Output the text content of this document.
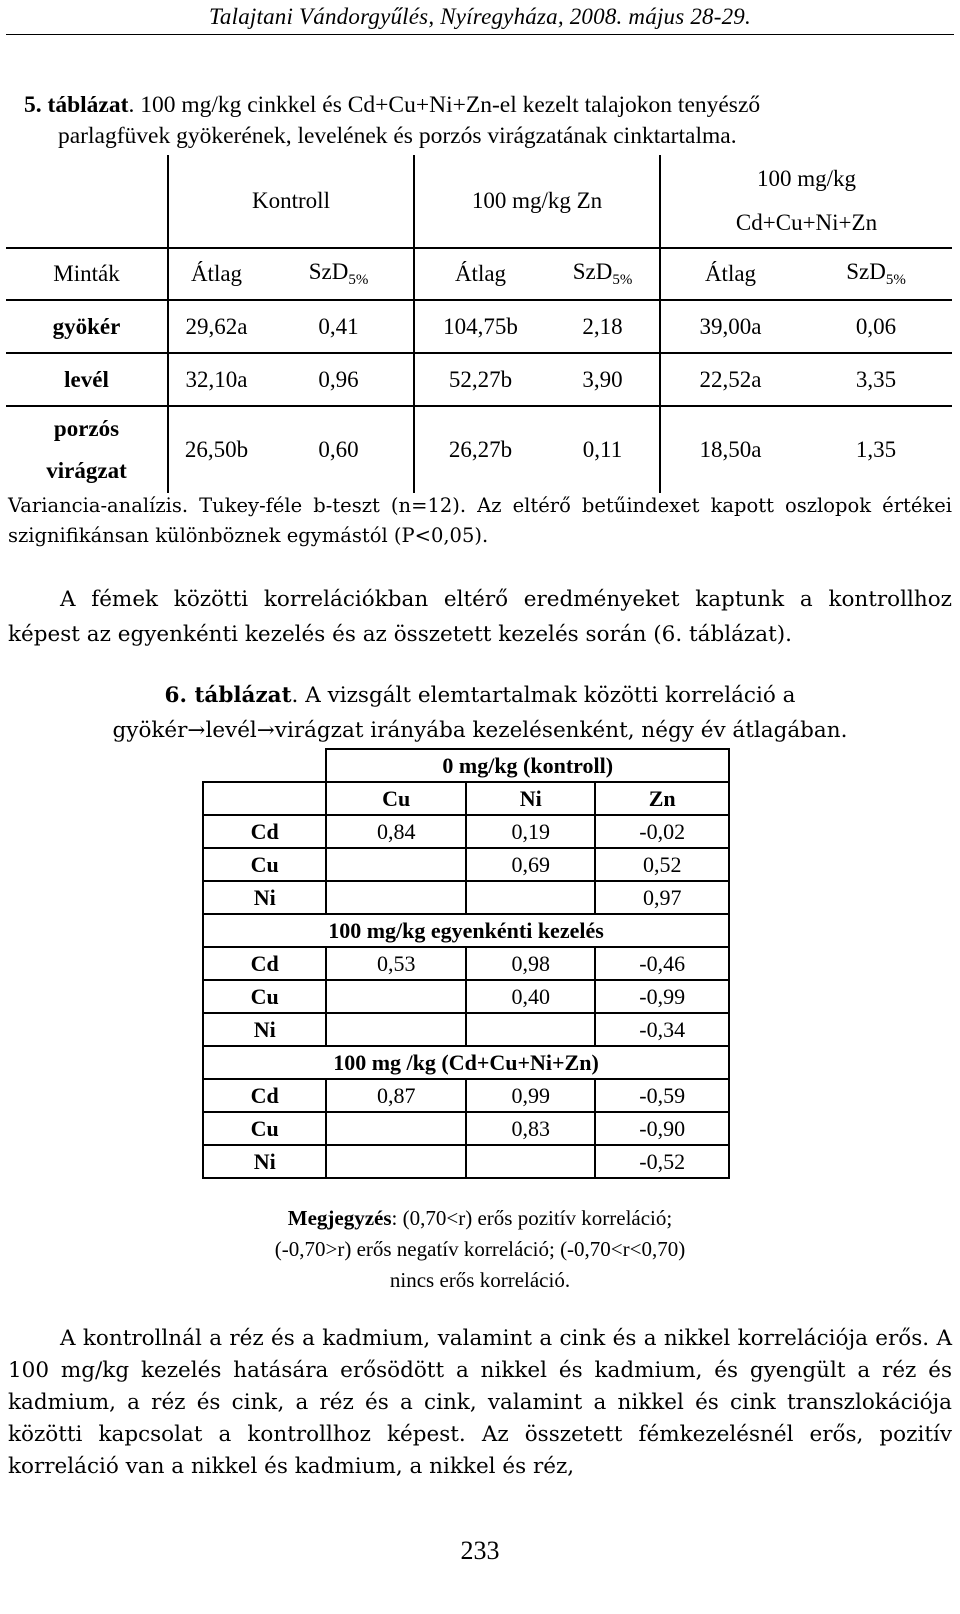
Talajtani Vándorgyűlés, Nyíregyháza, 2008. május 28-29.
5. táblázat. 100 mg/kg cinkkel és Cd+Cu+Ni+Zn-el kezelt talajokon tenyésző
parlagfüvek gyökerének, levelének és porzós virágzatának cinktartalma.
	Kontroll		100 mg/kg Zn		100 mg/kg
Cd+Cu+Ni+Zn	
Minták	Átlag	SzD$_{5\%}$	Átlag	SzD$_{5\%}$	Átlag	SzD$_{5\%}$
gyökér	29,62a	0,41	104,75b	2,18	39,00a	0,06
levél	32,10a	0,96	52,27b	3,90	22,52a	3,35
porzós
virágzat	26,50b	0,60	26,27b	0,11	18,50a	1,35
Variancia-analízis. Tukey-féle b-teszt (n=12). Az eltérő betűindexet kapott oszlopok értékei szignifikánsan különböznek egymástól (P<0,05).
A fémek közötti korrelációkban eltérő eredményeket kaptunk a kontrollhoz képest az egyenkénti kezelés és az összetett kezelés során (6. táblázat).
6. táblázat. A vizsgált elemtartalmak közötti korreláció a
gyökér→levél→virágzat irányába kezelésenként, négy év átlagában.
	0 mg/kg (kontroll)		
	Cu	Ni	Zn
Cd	0,84	0,19	-0,02
Cu		0,69	0,52
Ni			0,97
100 mg/kg egyenkénti kezelés			
Cd	0,53	0,98	-0,46
Cu		0,40	-0,99
Ni			-0,34
100 mg /kg (Cd+Cu+Ni+Zn)			
Cd	0,87	0,99	-0,59
Cu		0,83	-0,90
Ni			-0,52
Megjegyzés: (0,70<r) erős pozitív korreláció;
(-0,70>r) erős negatív korreláció; (-0,70<r<0,70)
nincs erős korreláció.
A kontrollnál a réz és a kadmium, valamint a cink és a nikkel korrelációja erős. A 100 mg/kg kezelés hatására erősödött a nikkel és kadmium, és gyengült a réz és kadmium, a réz és cink, a réz és a cink, valamint a nikkel és cink transzlokációja közötti kapcsolat a kontrollhoz képest. Az összetett fémkezelésnél erős, pozitív korreláció van a nikkel és kadmium, a nikkel és réz,
233
